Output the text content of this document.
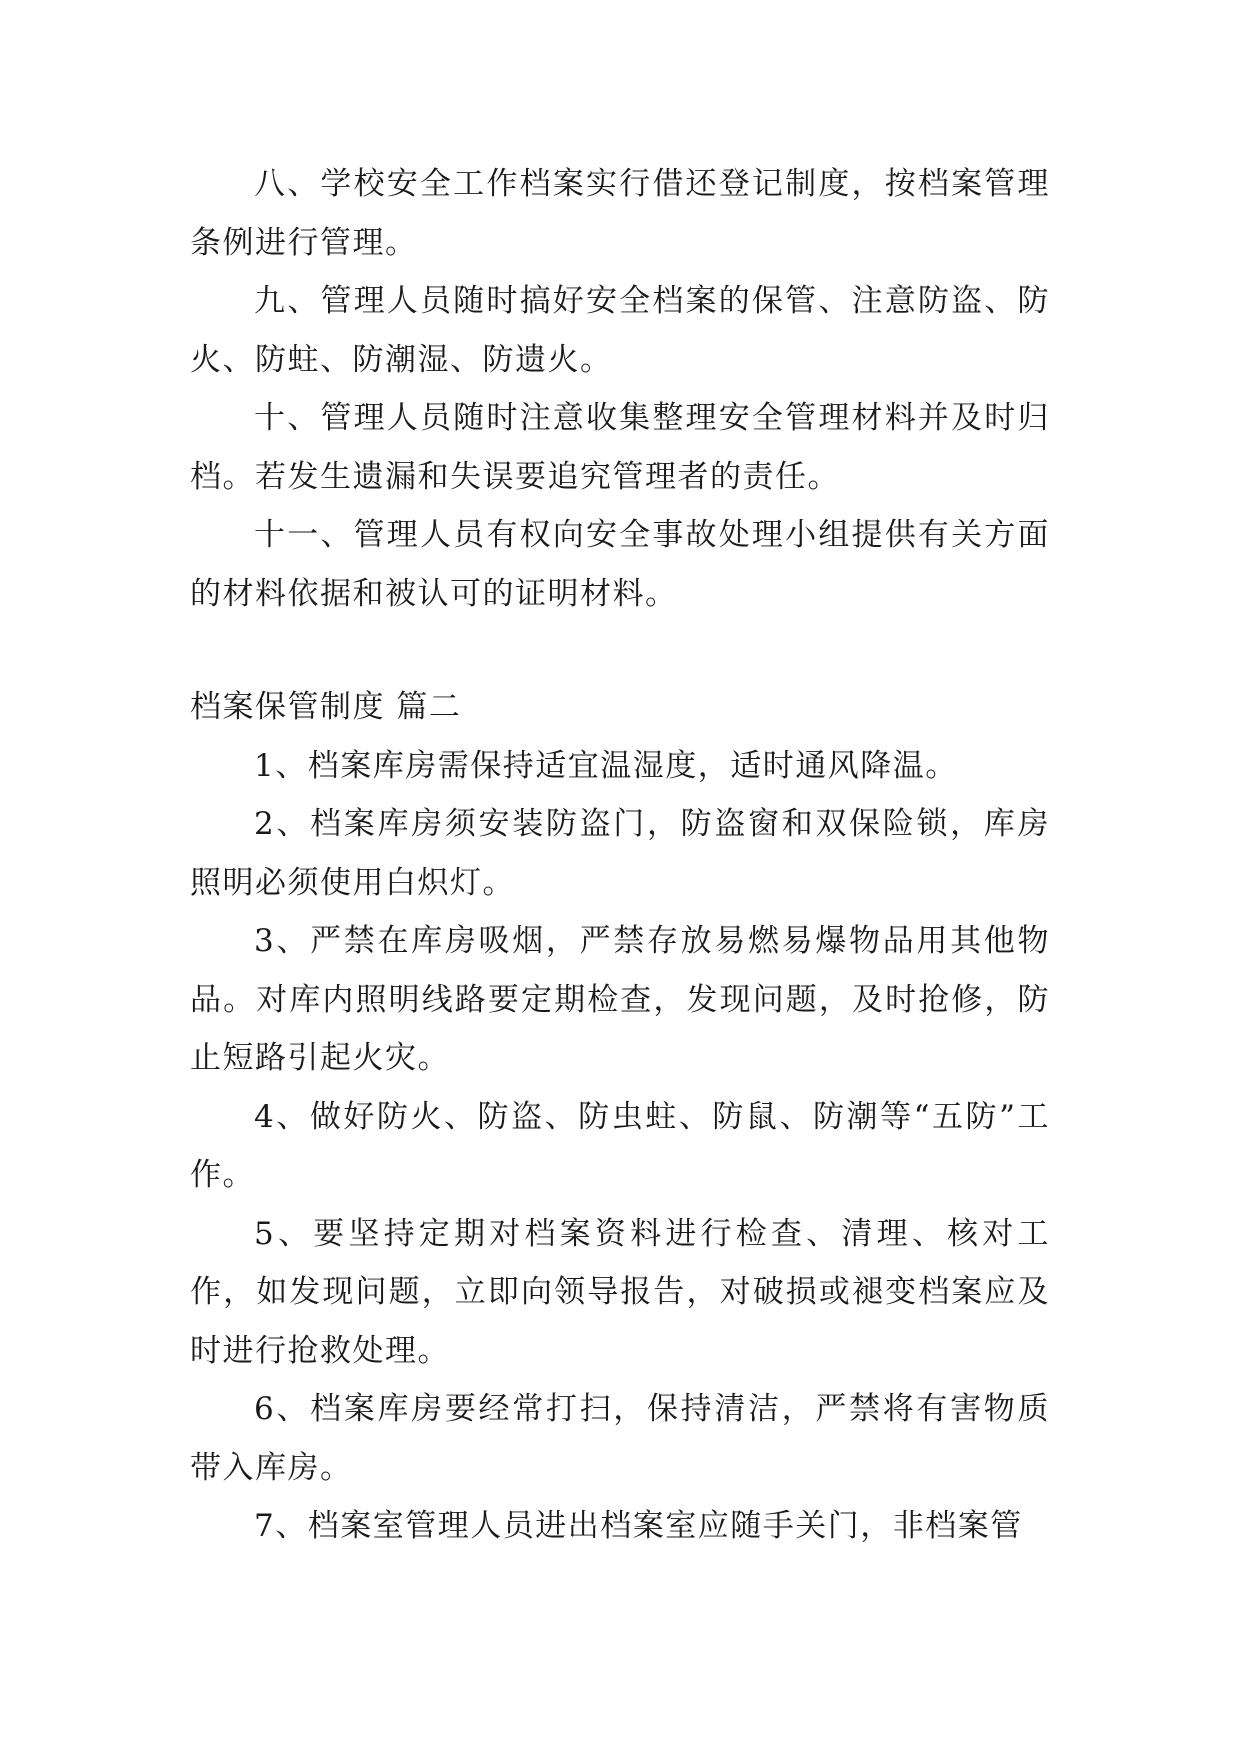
八、学校安全工作档案实行借还登记制度，按档案管理条例进行管理。

九、管理人员随时搞好安全档案的保管、注意防盗、防火、防蛀、防潮湿、防遗火。

十、管理人员随时注意收集整理安全管理材料并及时归档。若发生遗漏和失误要追究管理者的责任。

十一、管理人员有权向安全事故处理小组提供有关方面的材料依据和被认可的证明材料。

档案保管制度 篇二

1、档案库房需保持适宜温湿度，适时通风降温。

2、档案库房须安装防盗门，防盗窗和双保险锁，库房照明必须使用白炽灯。

3、严禁在库房吸烟，严禁存放易燃易爆物品用其他物品。对库内照明线路要定期检查，发现问题，及时抢修，防止短路引起火灾。

4、做好防火、防盗、防虫蛀、防鼠、防潮等“五防”工作。

5、要坚持定期对档案资料进行检查、清理、核对工作，如发现问题，立即向领导报告，对破损或褪变档案应及时进行抢救处理。

6、档案库房要经常打扫，保持清洁，严禁将有害物质带入库房。

7、档案室管理人员进出档案室应随手关门，非档案管
